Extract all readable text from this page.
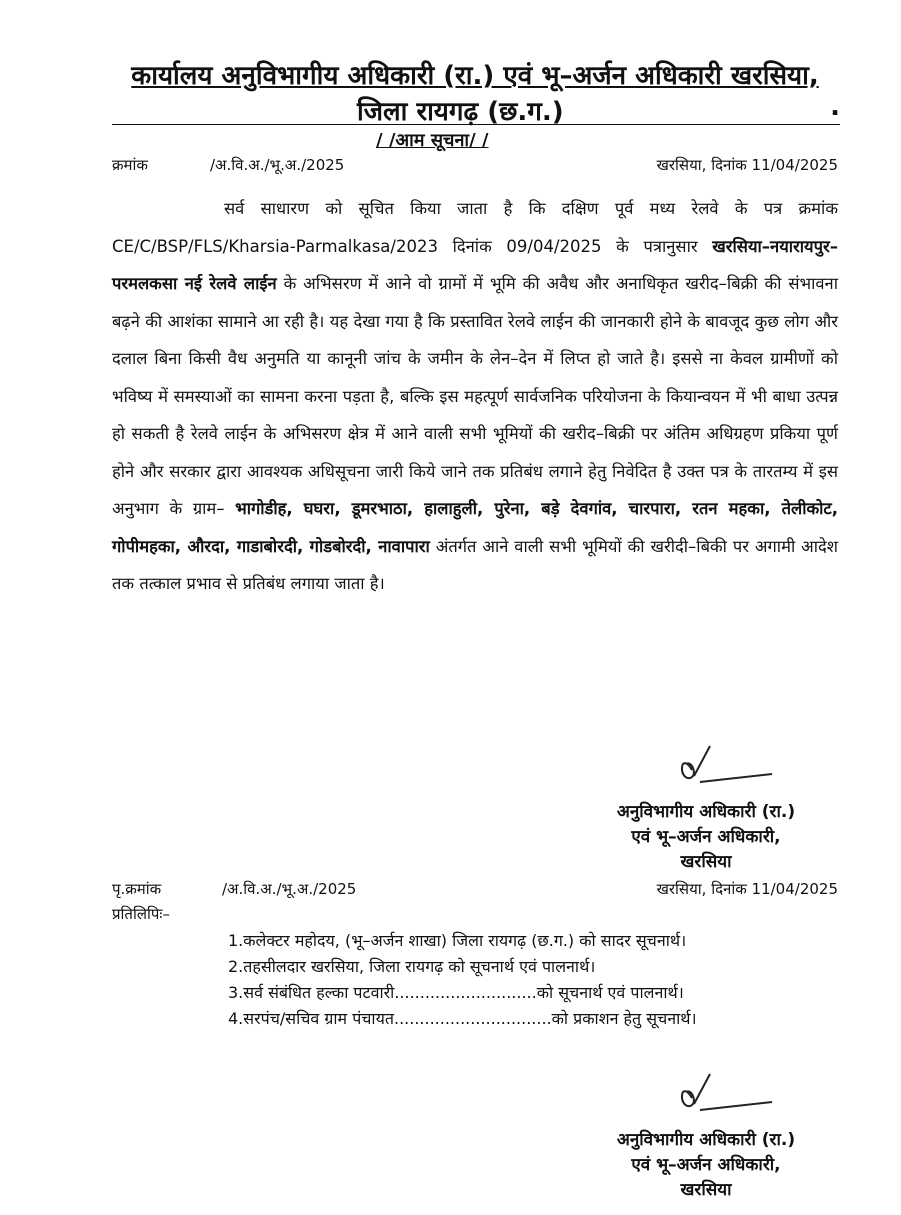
कार्यालय अनुविभागीय अधिकारी (रा.) एवं भू–अर्जन अधिकारी खरसिया,
जिला रायगढ़ (छ.ग.)	.
/ /आम सूचना/ /
क्रमांक	/अ.वि.अ./भू.अ./2025	खरसिया, दिनांक 11/04/2025

सर्व साधारण को सूचित किया जाता है कि दक्षिण पूर्व मध्य रेलवे के पत्र क्रमांक CE/C/BSP/FLS/Kharsia-Parmalkasa/2023 दिनांक 09/04/2025 के पत्रानुसार खरसिया–नयारायपुर–परमलकसा नई रेलवे लाईन के अभिसरण में आने वो ग्रामों में भूमि की अवैध और अनाधिकृत खरीद–बिक्री की संभावना बढ़ने की आशंका सामाने आ रही है। यह देखा गया है कि प्रस्तावित रेलवे लाईन की जानकारी होने के बावजूद कुछ लोग और दलाल बिना किसी वैध अनुमति या कानूनी जांच के जमीन के लेन–देन में लिप्त हो जाते है। इससे ना केवल ग्रामीणों को भविष्य में समस्याओं का सामना करना पड़ता है, बल्कि इस महत्पूर्ण सार्वजनिक परियोजना के कियान्वयन में भी बाधा उत्पन्न हो सकती है रेलवे लाईन के अभिसरण क्षेत्र में आने वाली सभी भूमियों की खरीद–बिक्री पर अंतिम अधिग्रहण प्रकिया पूर्ण होने और सरकार द्वारा आवश्यक अधिसूचना जारी किये जाने तक प्रतिबंध लगाने हेतु निवेदित है उक्त पत्र के तारतम्य में इस अनुभाग के ग्राम– भागोडीह, घघरा, डूमरभाठा, हालाहुली, पुरेना, बड़े देवगांव, चारपारा, रतन महका, तेलीकोट, गोपीमहका, औरदा, गाडाबोरदी, गोडबोरदी, नावापारा अंतर्गत आने वाली सभी भूमियों की खरीदी–बिकी पर अगामी आदेश तक तत्काल प्रभाव से प्रतिबंध लगाया जाता है।

अनुविभागीय अधिकारी (रा.)
एवं भू–अर्जन अधिकारी,
खरसिया
पृ.क्रमांक	/अ.वि.अ./भू.अ./2025	खरसिया, दिनांक 11/04/2025
प्रतिलिपिः–
1.कलेक्टर महोदय, (भू–अर्जन शाखा) जिला रायगढ़ (छ.ग.) को सादर सूचनार्थ।
2.तहसीलदार खरसिया, जिला रायगढ़ को सूचनार्थ एवं पालनार्थ।
3.सर्व संबंधित हल्का पटवारी............................को सूचनार्थ एवं पालनार्थ।
4.सरपंच/सचिव ग्राम पंचायत...............................को प्रकाशन हेतु सूचनार्थ।
अनुविभागीय अधिकारी (रा.)
एवं भू–अर्जन अधिकारी,
खरसिया
